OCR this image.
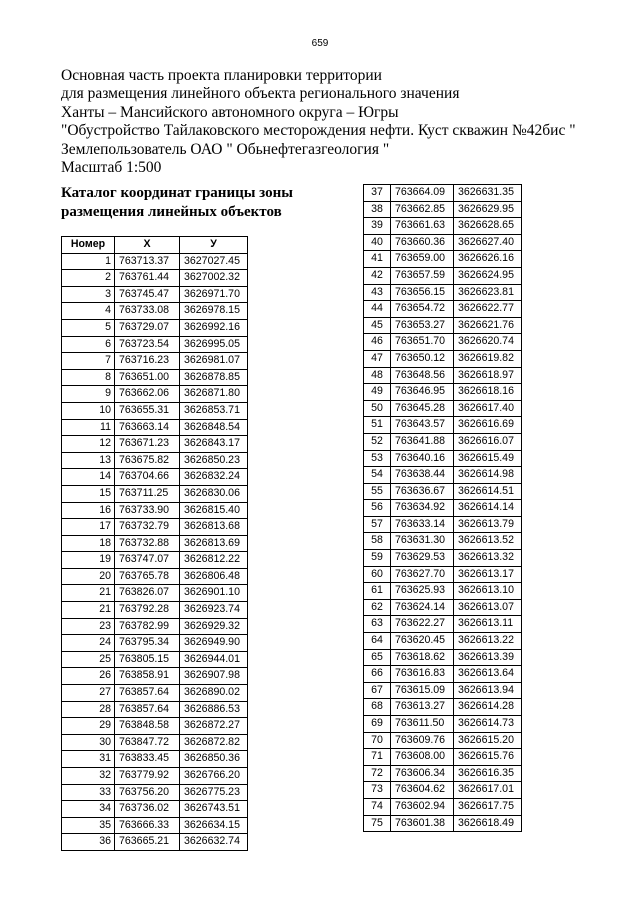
659
Основная часть проекта планировки территории
для размещения линейного объекта регионального значения
Ханты – Мансийского автономного округа – Югры
"Обустройство Тайлаковского месторождения нефти. Куст скважин №42бис "
Землепользователь ОАО " Обьнефтегазгеология "
Масштаб 1:500
Каталог координат границы зоны размещения линейных объектов
Номер	Х	У
1	763713.37	3627027.45
2	763761.44	3627002.32
3	763745.47	3626971.70
4	763733.08	3626978.15
5	763729.07	3626992.16
6	763723.54	3626995.05
7	763716.23	3626981.07
8	763651.00	3626878.85
9	763662.06	3626871.80
10	763655.31	3626853.71
11	763663.14	3626848.54
12	763671.23	3626843.17
13	763675.82	3626850.23
14	763704.66	3626832.24
15	763711.25	3626830.06
16	763733.90	3626815.40
17	763732.79	3626813.68
18	763732.88	3626813.69
19	763747.07	3626812.22
20	763765.78	3626806.48
21	763826.07	3626901.10
21	763792.28	3626923.74
23	763782.99	3626929.32
24	763795.34	3626949.90
25	763805.15	3626944.01
26	763858.91	3626907.98
27	763857.64	3626890.02
28	763857.64	3626886.53
29	763848.58	3626872.27
30	763847.72	3626872.82
31	763833.45	3626850.36
32	763779.92	3626766.20
33	763756.20	3626775.23
34	763736.02	3626743.51
35	763666.33	3626634.15
36	763665.21	3626632.74
37	763664.09	3626631.35
38	763662.85	3626629.95
39	763661.63	3626628.65
40	763660.36	3626627.40
41	763659.00	3626626.16
42	763657.59	3626624.95
43	763656.15	3626623.81
44	763654.72	3626622.77
45	763653.27	3626621.76
46	763651.70	3626620.74
47	763650.12	3626619.82
48	763648.56	3626618.97
49	763646.95	3626618.16
50	763645.28	3626617.40
51	763643.57	3626616.69
52	763641.88	3626616.07
53	763640.16	3626615.49
54	763638.44	3626614.98
55	763636.67	3626614.51
56	763634.92	3626614.14
57	763633.14	3626613.79
58	763631.30	3626613.52
59	763629.53	3626613.32
60	763627.70	3626613.17
61	763625.93	3626613.10
62	763624.14	3626613.07
63	763622.27	3626613.11
64	763620.45	3626613.22
65	763618.62	3626613.39
66	763616.83	3626613.64
67	763615.09	3626613.94
68	763613.27	3626614.28
69	763611.50	3626614.73
70	763609.76	3626615.20
71	763608.00	3626615.76
72	763606.34	3626616.35
73	763604.62	3626617.01
74	763602.94	3626617.75
75	763601.38	3626618.49
